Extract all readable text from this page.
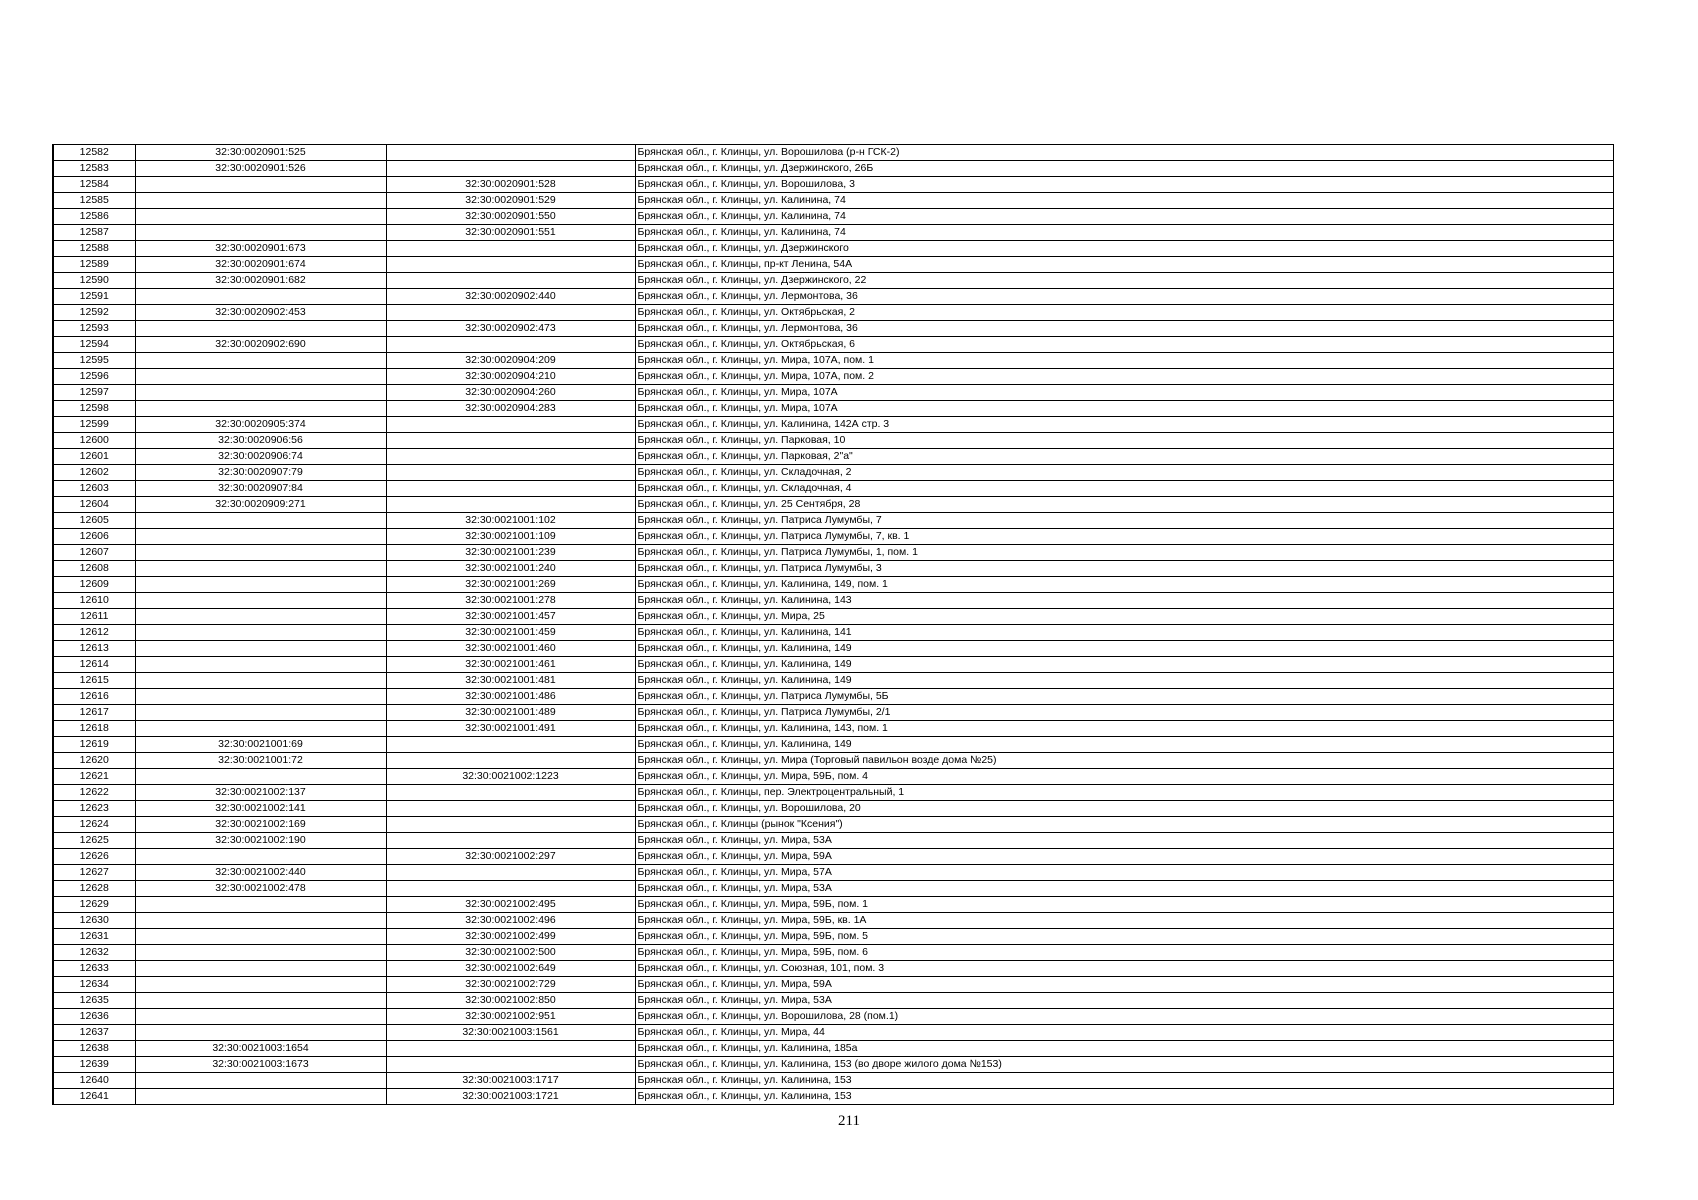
12582	32:30:0020901:525		Брянская обл., г. Клинцы, ул. Ворошилова (р-н ГСК-2)
12583	32:30:0020901:526		Брянская обл., г. Клинцы, ул. Дзержинского, 26Б
12584		32:30:0020901:528	Брянская обл., г. Клинцы, ул. Ворошилова, 3
12585		32:30:0020901:529	Брянская обл., г. Клинцы, ул. Калинина, 74
12586		32:30:0020901:550	Брянская обл., г. Клинцы, ул. Калинина, 74
12587		32:30:0020901:551	Брянская обл., г. Клинцы, ул. Калинина, 74
12588	32:30:0020901:673		Брянская обл., г. Клинцы, ул. Дзержинского
12589	32:30:0020901:674		Брянская обл., г. Клинцы, пр-кт Ленина, 54А
12590	32:30:0020901:682		Брянская обл., г. Клинцы, ул. Дзержинского, 22
12591		32:30:0020902:440	Брянская обл., г. Клинцы, ул. Лермонтова, 36
12592	32:30:0020902:453		Брянская обл., г. Клинцы, ул. Октябрьская, 2
12593		32:30:0020902:473	Брянская обл., г. Клинцы, ул. Лермонтова, 36
12594	32:30:0020902:690		Брянская обл., г. Клинцы, ул. Октябрьская, 6
12595		32:30:0020904:209	Брянская обл., г. Клинцы, ул. Мира, 107А, пом. 1
12596		32:30:0020904:210	Брянская обл., г. Клинцы, ул. Мира, 107А, пом. 2
12597		32:30:0020904:260	Брянская обл., г. Клинцы, ул. Мира, 107А
12598		32:30:0020904:283	Брянская обл., г. Клинцы, ул. Мира, 107А
12599	32:30:0020905:374		Брянская обл., г. Клинцы, ул. Калинина, 142А стр. 3
12600	32:30:0020906:56		Брянская обл., г. Клинцы, ул. Парковая, 10
12601	32:30:0020906:74		Брянская обл., г. Клинцы, ул. Парковая, 2"а"
12602	32:30:0020907:79		Брянская обл., г. Клинцы, ул. Складочная, 2
12603	32:30:0020907:84		Брянская обл., г. Клинцы, ул. Складочная, 4
12604	32:30:0020909:271		Брянская обл., г. Клинцы, ул. 25 Сентября, 28
12605		32:30:0021001:102	Брянская обл., г. Клинцы, ул. Патриса Лумумбы, 7
12606		32:30:0021001:109	Брянская обл., г. Клинцы, ул. Патриса Лумумбы, 7, кв. 1
12607		32:30:0021001:239	Брянская обл., г. Клинцы, ул. Патриса Лумумбы, 1, пом. 1
12608		32:30:0021001:240	Брянская обл., г. Клинцы, ул. Патриса Лумумбы, 3
12609		32:30:0021001:269	Брянская обл., г. Клинцы, ул. Калинина, 149, пом. 1
12610		32:30:0021001:278	Брянская обл., г. Клинцы, ул. Калинина, 143
12611		32:30:0021001:457	Брянская обл., г. Клинцы, ул. Мира, 25
12612		32:30:0021001:459	Брянская обл., г. Клинцы, ул. Калинина, 141
12613		32:30:0021001:460	Брянская обл., г. Клинцы, ул. Калинина, 149
12614		32:30:0021001:461	Брянская обл., г. Клинцы, ул. Калинина, 149
12615		32:30:0021001:481	Брянская обл., г. Клинцы, ул. Калинина, 149
12616		32:30:0021001:486	Брянская обл., г. Клинцы, ул. Патриса Лумумбы, 5Б
12617		32:30:0021001:489	Брянская обл., г. Клинцы, ул. Патриса Лумумбы, 2/1
12618		32:30:0021001:491	Брянская обл., г. Клинцы, ул. Калинина, 143, пом. 1
12619	32:30:0021001:69		Брянская обл., г. Клинцы, ул. Калинина, 149
12620	32:30:0021001:72		Брянская обл., г. Клинцы, ул. Мира (Торговый павильон возде дома №25)
12621		32:30:0021002:1223	Брянская обл., г. Клинцы, ул. Мира, 59Б, пом. 4
12622	32:30:0021002:137		Брянская обл., г. Клинцы, пер. Электроцентральный, 1
12623	32:30:0021002:141		Брянская обл., г. Клинцы, ул. Ворошилова, 20
12624	32:30:0021002:169		Брянская обл., г. Клинцы (рынок "Ксения")
12625	32:30:0021002:190		Брянская обл., г. Клинцы, ул. Мира, 53А
12626		32:30:0021002:297	Брянская обл., г. Клинцы, ул. Мира, 59А
12627	32:30:0021002:440		Брянская обл., г. Клинцы, ул. Мира, 57А
12628	32:30:0021002:478		Брянская обл., г. Клинцы, ул. Мира, 53А
12629		32:30:0021002:495	Брянская обл., г. Клинцы, ул. Мира, 59Б, пом. 1
12630		32:30:0021002:496	Брянская обл., г. Клинцы, ул. Мира, 59Б, кв. 1А
12631		32:30:0021002:499	Брянская обл., г. Клинцы, ул. Мира, 59Б, пом. 5
12632		32:30:0021002:500	Брянская обл., г. Клинцы, ул. Мира, 59Б, пом. 6
12633		32:30:0021002:649	Брянская обл., г. Клинцы, ул. Союзная, 101, пом. 3
12634		32:30:0021002:729	Брянская обл., г. Клинцы, ул. Мира, 59А
12635		32:30:0021002:850	Брянская обл., г. Клинцы, ул. Мира, 53А
12636		32:30:0021002:951	Брянская обл., г. Клинцы, ул. Ворошилова, 28 (пом.1)
12637		32:30:0021003:1561	Брянская обл., г. Клинцы, ул. Мира, 44
12638	32:30:0021003:1654		Брянская обл., г. Клинцы, ул. Калинина, 185а
12639	32:30:0021003:1673		Брянская обл., г. Клинцы, ул. Калинина, 153 (во дворе жилого дома №153)
12640		32:30:0021003:1717	Брянская обл., г. Клинцы, ул. Калинина, 153
12641		32:30:0021003:1721	Брянская обл., г. Клинцы, ул. Калинина, 153
211
